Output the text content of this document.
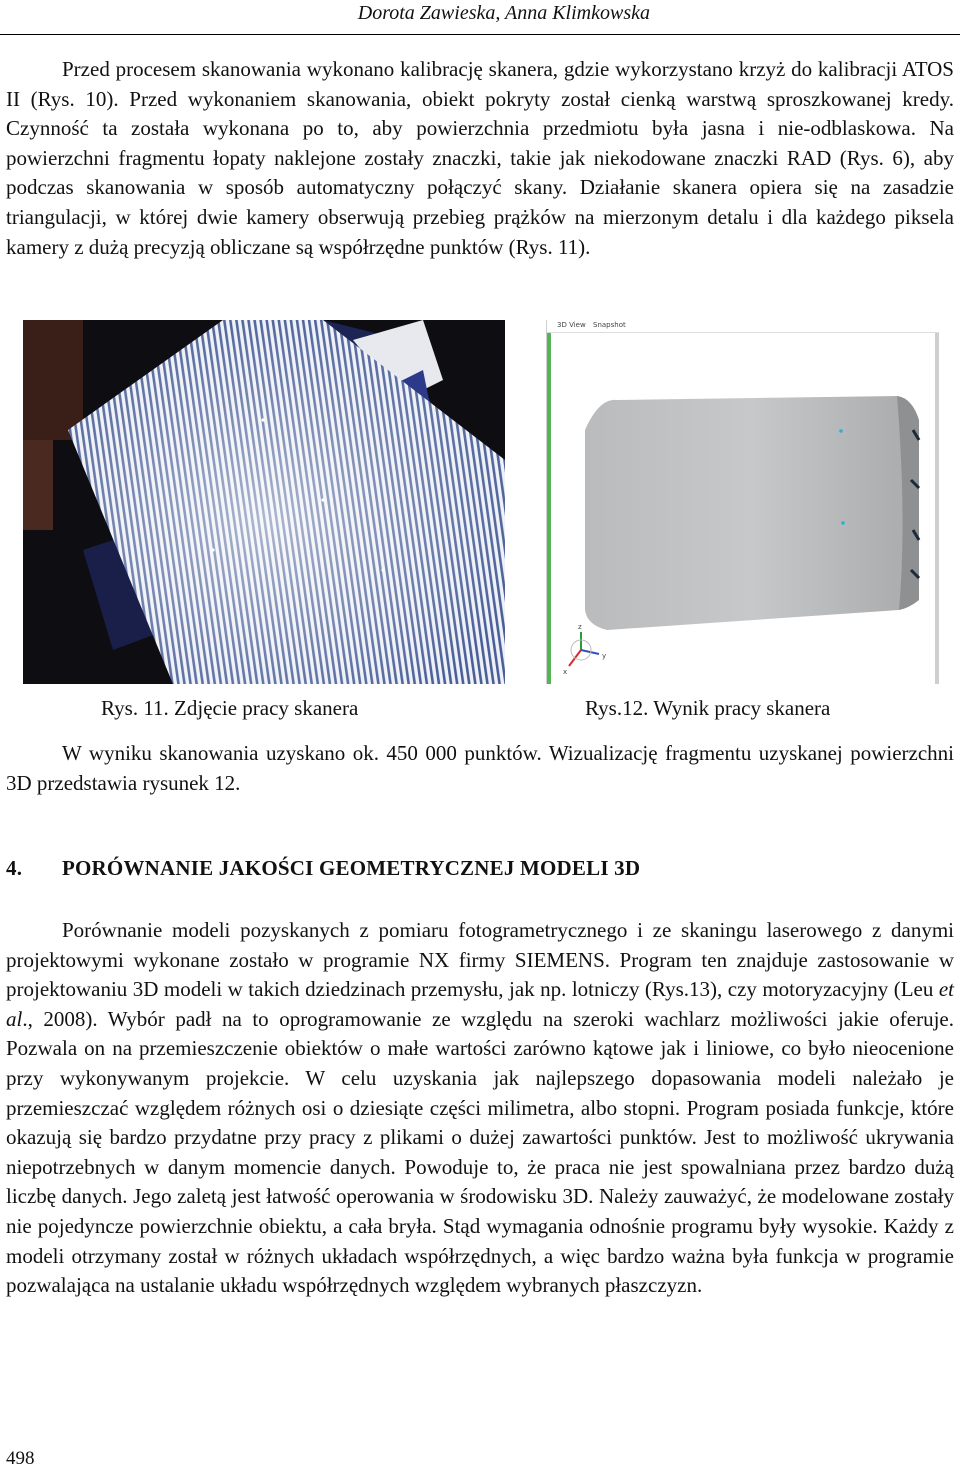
Dorota Zawieska, Anna Klimkowska

Przed procesem skanowania wykonano kalibrację skanera, gdzie wykorzystano krzyż do kalibracji ATOS II (Rys. 10). Przed wykonaniem skanowania, obiekt pokryty został cienką warstwą sproszkowanej kredy. Czynność ta została wykonana po to, aby powierzchnia przedmiotu była jasna i nie-odblaskowa. Na powierzchni fragmentu łopaty naklejone zostały znaczki, takie jak niekodowane znaczki RAD (Rys. 6), aby podczas skanowania w sposób automatyczny połączyć skany. Działanie skanera opiera się na zasadzie triangulacji, w której dwie kamery obserwują przebieg prążków na mierzonym detalu i dla każdego piksela kamery z dużą precyzją obliczane są współrzędne punktów (Rys. 11).

3D View Snapshot
z
y
x
Rys. 11. Zdjęcie pracy skanera	Rys.12. Wynik pracy skanera

W wyniku skanowania uzyskano ok. 450 000 punktów. Wizualizację fragmentu uzyskanej powierzchni 3D przedstawia rysunek 12.

4. PORÓWNANIE JAKOŚCI GEOMETRYCZNEJ MODELI 3D

Porównanie modeli pozyskanych z pomiaru fotogrametrycznego i ze skaningu laserowego z danymi projektowymi wykonane zostało w programie NX firmy SIEMENS. Program ten znajduje zastosowanie w projektowaniu 3D modeli w takich dziedzinach przemysłu, jak np. lotniczy (Rys.13), czy motoryzacyjny (Leu et al., 2008). Wybór padł na to oprogramowanie ze względu na szeroki wachlarz możliwości jakie oferuje. Pozwala on na przemieszczenie obiektów o małe wartości zarówno kątowe jak i liniowe, co było nieocenione przy wykonywanym projekcie. W celu uzyskania jak najlepszego dopasowania modeli należało je przemieszczać względem różnych osi o dziesiąte części milimetra, albo stopni. Program posiada funkcje, które okazują się bardzo przydatne przy pracy z plikami o dużej zawartości punktów. Jest to możliwość ukrywania niepotrzebnych w danym momencie danych. Powoduje to, że praca nie jest spowalniana przez bardzo dużą liczbę danych. Jego zaletą jest łatwość operowania w środowisku 3D. Należy zauważyć, że modelowane zostały nie pojedyncze powierzchnie obiektu, a cała bryła. Stąd wymagania odnośnie programu były wysokie. Każdy z modeli otrzymany został w różnych układach współrzędnych, a więc bardzo ważna była funkcja w programie pozwalająca na ustalanie układu współrzędnych względem wybranych płaszczyzn.

498
